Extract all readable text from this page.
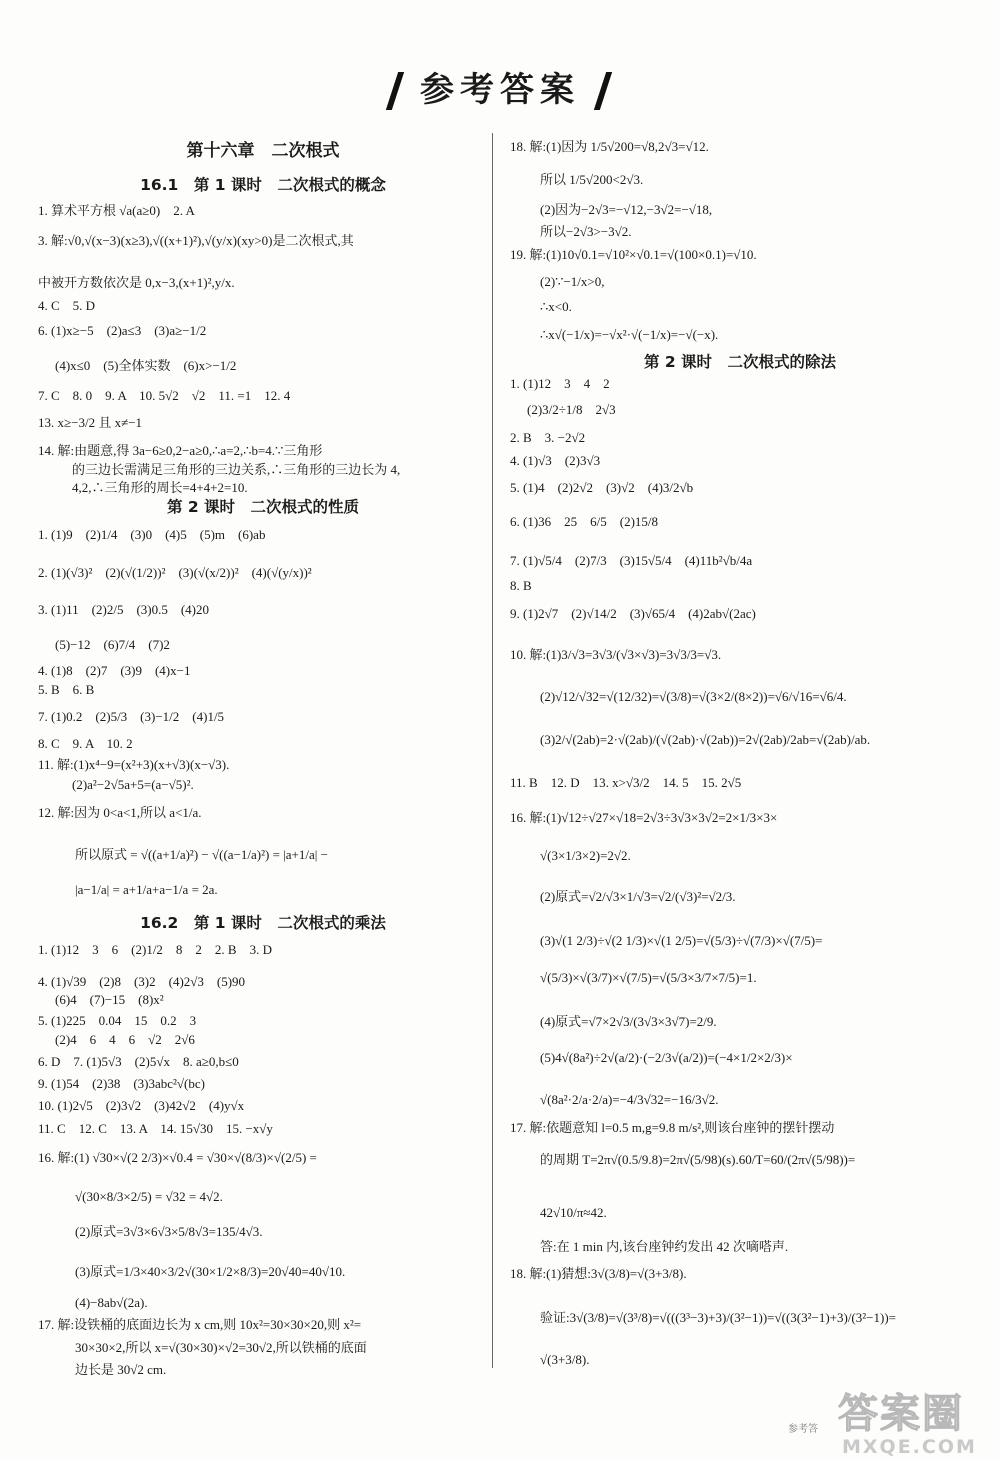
参考答案
第十六章　二次根式
16.1　第 1 课时　二次根式的概念
1. 算术平方根 √a(a≥0)　2. A
3. 解:√0,√(x−3)(x≥3),√((x+1)²),√(y/x)(xy>0)是二次根式,其
中被开方数依次是 0,x−3,(x+1)²,y/x.
4. C　5. D
6. (1)x≥−5　(2)a≤3　(3)a≥−1/2
(4)x≤0　(5)全体实数　(6)x>−1/2
7. C　8. 0　9. A　10. 5√2　√2　11. =1　12. 4
13. x≥−3/2 且 x≠−1
14. 解:由题意,得 3a−6≥0,2−a≥0,∴a=2,∴b=4.∵三角形
的三边长需满足三角形的三边关系,∴三角形的三边长为 4,
4,2,∴三角形的周长=4+4+2=10.
第 2 课时　二次根式的性质
1. (1)9　(2)1/4　(3)0　(4)5　(5)m　(6)ab
2. (1)(√3)²　(2)(√(1/2))²　(3)(√(x/2))²　(4)(√(y/x))²
3. (1)11　(2)2/5　(3)0.5　(4)20
(5)−12　(6)7/4　(7)2
4. (1)8　(2)7　(3)9　(4)x−1
5. B　6. B
7. (1)0.2　(2)5/3　(3)−1/2　(4)1/5
8. C　9. A　10. 2
11. 解:(1)x⁴−9=(x²+3)(x+√3)(x−√3).
(2)a²−2√5a+5=(a−√5)².
12. 解:因为 0<a<1,所以 a<1/a.
所以原式 = √((a+1/a)²) − √((a−1/a)²) = |a+1/a| −
|a−1/a| = a+1/a+a−1/a = 2a.
16.2　第 1 课时　二次根式的乘法
1. (1)12　3　6　(2)1/2　8　2　2. B　3. D
4. (1)√39　(2)8　(3)2　(4)2√3　(5)90
(6)4　(7)−15　(8)x²
5. (1)225　0.04　15　0.2　3
(2)4　6　4　6　√2　2√6
6. D　7. (1)5√3　(2)5√x　8. a≥0,b≤0
9. (1)54　(2)38　(3)3abc²√(bc)
10. (1)2√5　(2)3√2　(3)42√2　(4)y√x
11. C　12. C　13. A　14. 15√30　15. −x√y
16. 解:(1) √30×√(2 2/3)×√0.4 = √30×√(8/3)×√(2/5) =
√(30×8/3×2/5) = √32 = 4√2.
(2)原式=3√3×6√3×5/8√3=135/4√3.
(3)原式=1/3×40×3/2√(30×1/2×8/3)=20√40=40√10.
(4)−8ab√(2a).
17. 解:设铁桶的底面边长为 x cm,则 10x²=30×30×20,则 x²=
30×30×2,所以 x=√(30×30)×√2=30√2,所以铁桶的底面
边长是 30√2 cm.
18. 解:(1)因为 1/5√200=√8,2√3=√12.
所以 1/5√200<2√3.
(2)因为−2√3=−√12,−3√2=−√18,
所以−2√3>−3√2.
19. 解:(1)10√0.1=√10²×√0.1=√(100×0.1)=√10.
(2)∵−1/x>0,
∴x<0.
∴x√(−1/x)=−√x²·√(−1/x)=−√(−x).
第 2 课时　二次根式的除法
1. (1)12　3　4　2
(2)3/2÷1/8　2√3
2. B　3. −2√2
4. (1)√3　(2)3√3
5. (1)4　(2)2√2　(3)√2　(4)3/2√b
6. (1)36　25　6/5　(2)15/8
7. (1)√5/4　(2)7/3　(3)15√5/4　(4)11b²√b/4a
8. B
9. (1)2√7　(2)√14/2　(3)√65/4　(4)2ab√(2ac)
10. 解:(1)3/√3=3√3/(√3×√3)=3√3/3=√3.
(2)√12/√32=√(12/32)=√(3/8)=√(3×2/(8×2))=√6/√16=√6/4.
(3)2/√(2ab)=2·√(2ab)/(√(2ab)·√(2ab))=2√(2ab)/2ab=√(2ab)/ab.
11. B　12. D　13. x>√3/2　14. 5　15. 2√5
16. 解:(1)√12÷√27×√18=2√3÷3√3×3√2=2×1/3×3×
√(3×1/3×2)=2√2.
(2)原式=√2/√3×1/√3=√2/(√3)²=√2/3.
(3)√(1 2/3)÷√(2 1/3)×√(1 2/5)=√(5/3)÷√(7/3)×√(7/5)=
√(5/3)×√(3/7)×√(7/5)=√(5/3×3/7×7/5)=1.
(4)原式=√7×2√3/(3√3×3√7)=2/9.
(5)4√(8a²)÷2√(a/2)·(−2/3√(a/2))=(−4×1/2×2/3)×
√(8a²·2/a·2/a)=−4/3√32=−16/3√2.
17. 解:依题意知 l=0.5 m,g=9.8 m/s²,则该台座钟的摆针摆动
的周期 T=2π√(0.5/9.8)=2π√(5/98)(s).60/T=60/(2π√(5/98))=
42√10/π≈42.
答:在 1 min 内,该台座钟约发出 42 次嘀嗒声.
18. 解:(1)猜想:3√(3/8)=√(3+3/8).
验证:3√(3/8)=√(3³/8)=√(((3³−3)+3)/(3²−1))=√((3(3²−1)+3)/(3²−1))=
√(3+3/8).
参考答 答案圈
MXQE.COM
